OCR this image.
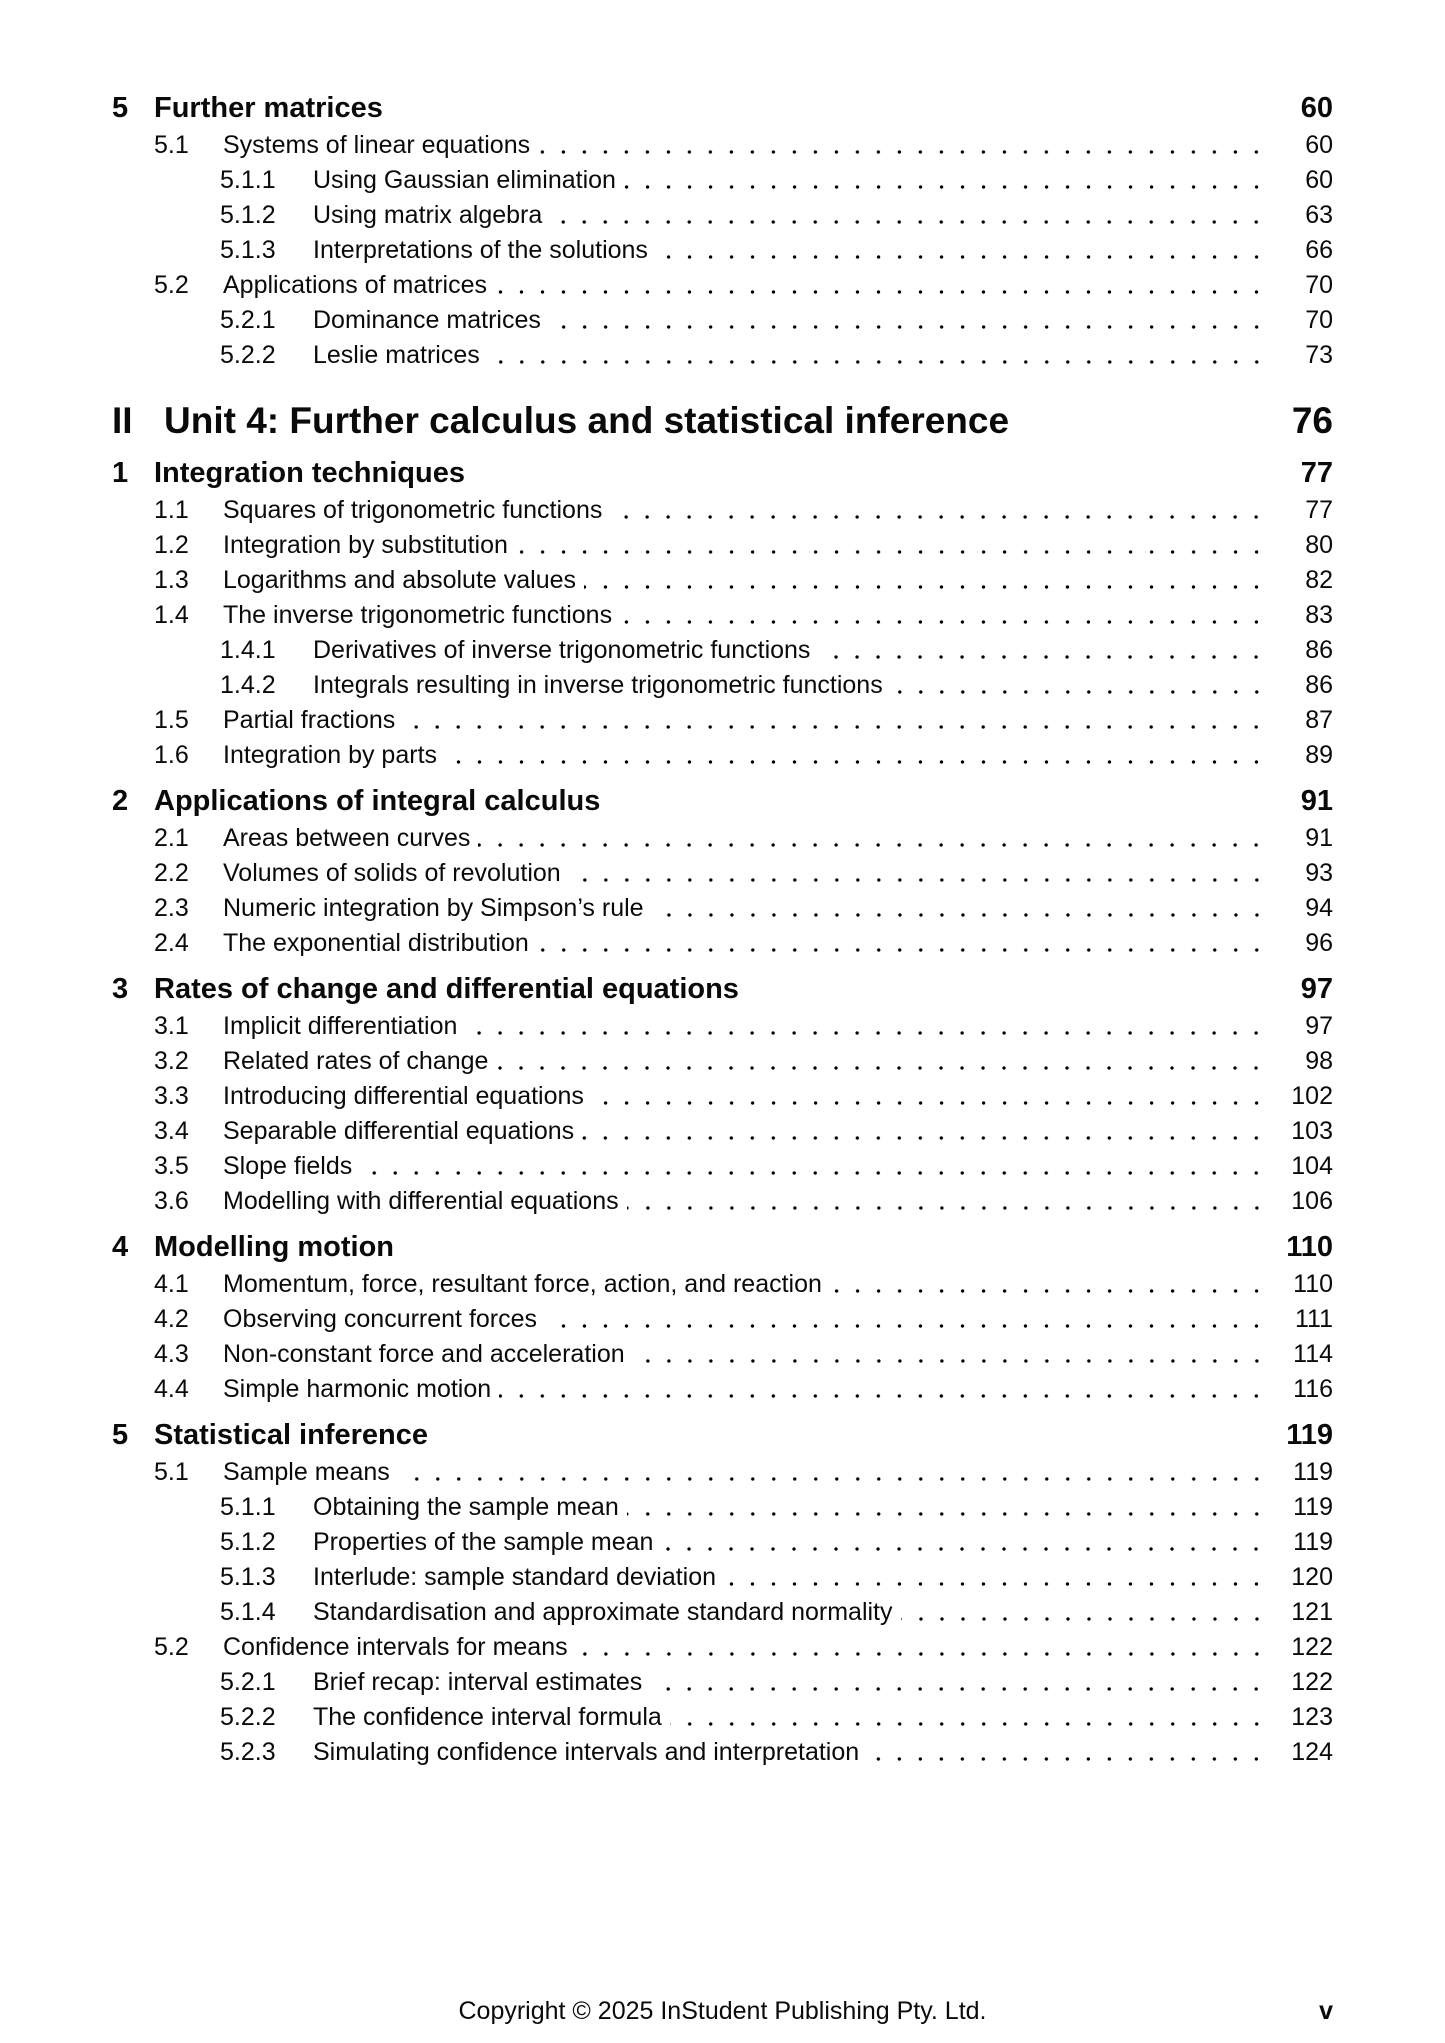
5 Further matrices	60
5.1	Systems of linear equations	60
5.1.1	Using Gaussian elimination	60
5.1.2	Using matrix algebra	63
5.1.3	Interpretations of the solutions	66
5.2	Applications of matrices	70
5.2.1	Dominance matrices	70
5.2.2	Leslie matrices	73
II Unit 4: Further calculus and statistical inference	76
1 Integration techniques	77
1.1	Squares of trigonometric functions	77
1.2	Integration by substitution	80
1.3	Logarithms and absolute values	82
1.4	The inverse trigonometric functions	83
1.4.1	Derivatives of inverse trigonometric functions	86
1.4.2	Integrals resulting in inverse trigonometric functions	86
1.5	Partial fractions	87
1.6	Integration by parts	89
2 Applications of integral calculus	91
2.1	Areas between curves	91
2.2	Volumes of solids of revolution	93
2.3	Numeric integration by Simpson’s rule	94
2.4	The exponential distribution	96
3 Rates of change and differential equations	97
3.1	Implicit differentiation	97
3.2	Related rates of change	98
3.3	Introducing differential equations	102
3.4	Separable differential equations	103
3.5	Slope fields	104
3.6	Modelling with differential equations	106
4 Modelling motion	110
4.1	Momentum, force, resultant force, action, and reaction	110
4.2	Observing concurrent forces	111
4.3	Non-constant force and acceleration	114
4.4	Simple harmonic motion	116
5 Statistical inference	119
5.1	Sample means	119
5.1.1	Obtaining the sample mean	119
5.1.2	Properties of the sample mean	119
5.1.3	Interlude: sample standard deviation	120
5.1.4	Standardisation and approximate standard normality	121
5.2	Confidence intervals for means	122
5.2.1	Brief recap: interval estimates	122
5.2.2	The confidence interval formula	123
5.2.3	Simulating confidence intervals and interpretation	124
Copyright © 2025 InStudent Publishing Pty. Ltd.	v
